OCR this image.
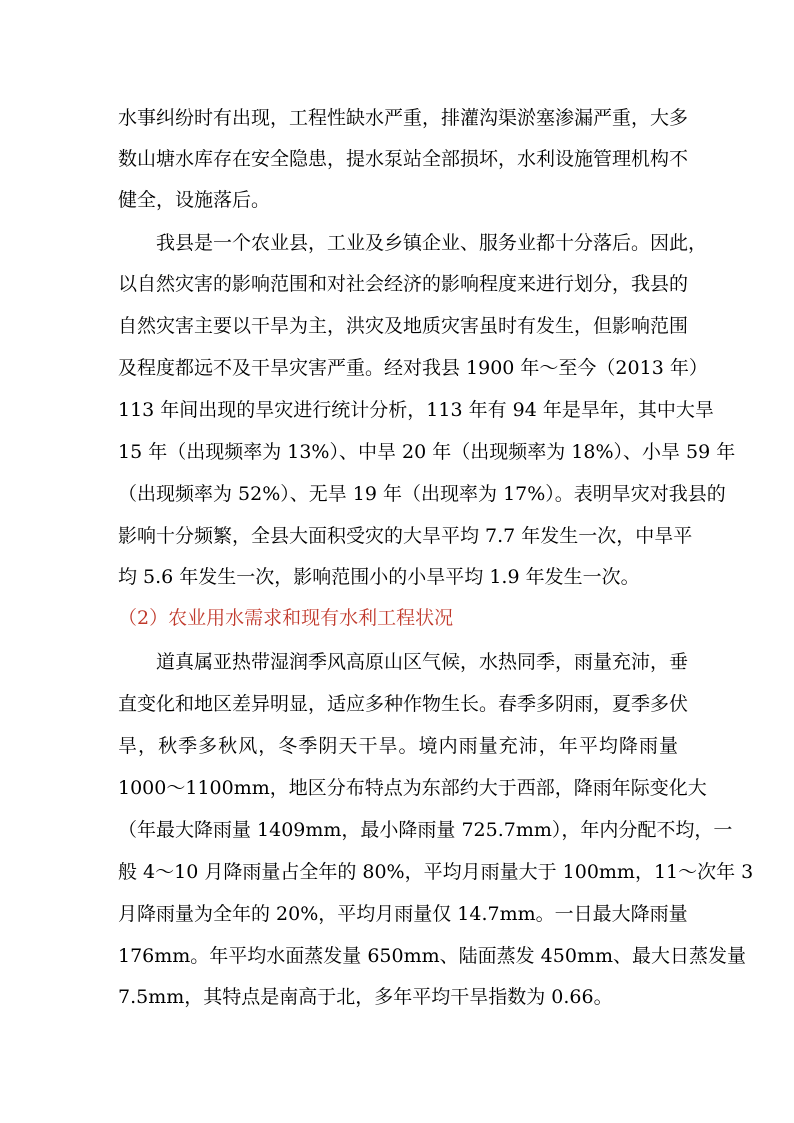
水事纠纷时有出现，工程性缺水严重，排灌沟渠淤塞渗漏严重，大多
数山塘水库存在安全隐患，提水泵站全部损坏，水利设施管理机构不
健全，设施落后。
　　我县是一个农业县，工业及乡镇企业、服务业都十分落后。因此，
以自然灾害的影响范围和对社会经济的影响程度来进行划分，我县的
自然灾害主要以干旱为主，洪灾及地质灾害虽时有发生，但影响范围
及程度都远不及干旱灾害严重。经对我县 1900 年～至今（2013 年）
113 年间出现的旱灾进行统计分析，113 年有 94 年是旱年，其中大旱
15 年（出现频率为 13%）、中旱 20 年（出现频率为 18%）、小旱 59 年
（出现频率为 52%）、无旱 19 年（出现率为 17%）。表明旱灾对我县的
影响十分频繁，全县大面积受灾的大旱平均 7.7 年发生一次，中旱平
均 5.6 年发生一次，影响范围小的小旱平均 1.9 年发生一次。
（2）农业用水需求和现有水利工程状况
　　道真属亚热带湿润季风高原山区气候，水热同季，雨量充沛，垂
直变化和地区差异明显，适应多种作物生长。春季多阴雨，夏季多伏
旱，秋季多秋风，冬季阴天干旱。境内雨量充沛，年平均降雨量
1000～1100mm，地区分布特点为东部约大于西部，降雨年际变化大
（年最大降雨量 1409mm，最小降雨量 725.7mm），年内分配不均，一
般 4～10 月降雨量占全年的 80%，平均月雨量大于 100mm，11～次年 3
月降雨量为全年的 20%，平均月雨量仅 14.7mm。一日最大降雨量
176mm。年平均水面蒸发量 650mm、陆面蒸发 450mm、最大日蒸发量
7.5mm，其特点是南高于北，多年平均干旱指数为 0.66。
